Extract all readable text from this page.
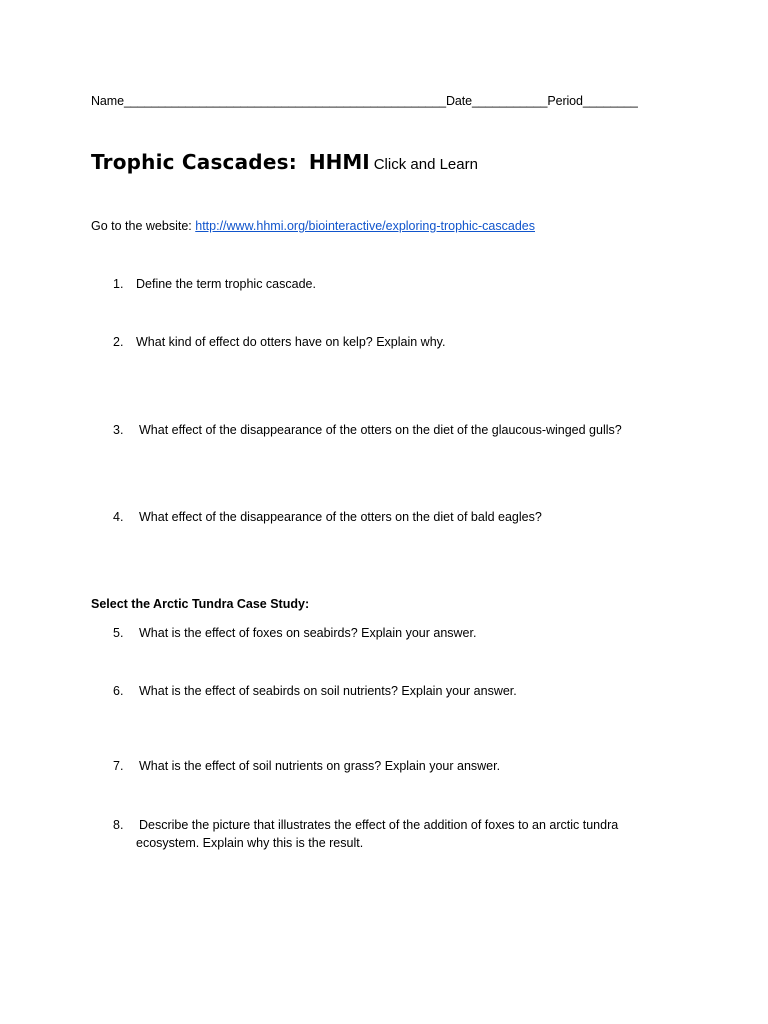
Name_______________________________________________Date___________Period________
Trophic Cascades: HHMI Click and Learn
Go to the website: http://www.hhmi.org/biointeractive/exploring-trophic-cascades
1. Define the term trophic cascade.
2. What kind of effect do otters have on kelp? Explain why.
3. What effect of the disappearance of the otters on the diet of the glaucous-winged gulls?
4. What effect of the disappearance of the otters on the diet of bald eagles?
Select the Arctic Tundra Case Study:
5. What is the effect of foxes on seabirds? Explain your answer.
6. What is the effect of seabirds on soil nutrients? Explain your answer.
7. What is the effect of soil nutrients on grass? Explain your answer.
8. Describe the picture that illustrates the effect of the addition of foxes to an arctic tundra
ecosystem. Explain why this is the result.
